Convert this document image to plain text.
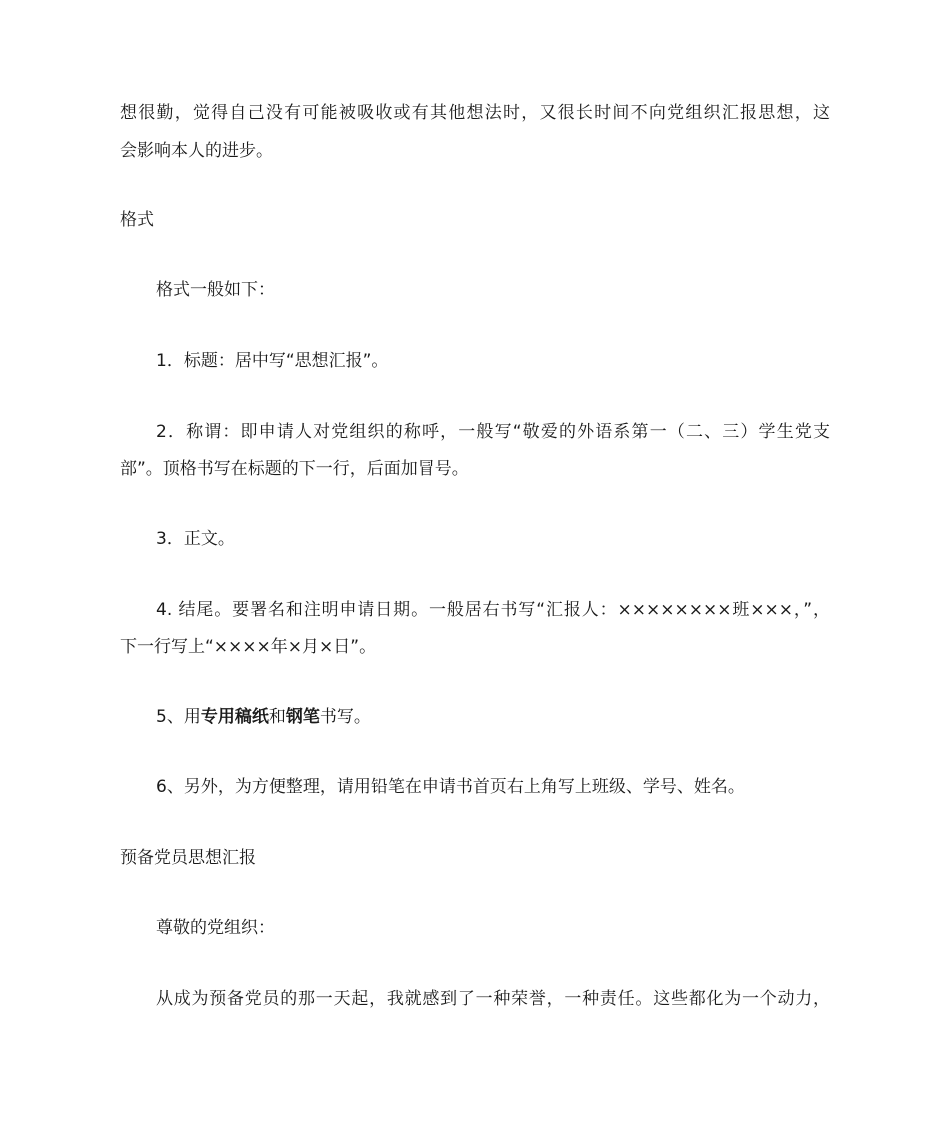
想很勤，觉得自己没有可能被吸收或有其他想法时，又很长时间不向党组织汇报思想，这
会影响本人的进步。
格式
格式一般如下：
1．标题：居中写“思想汇报”。
2．称谓：即申请人对党组织的称呼，一般写“敬爱的外语系第一（二、三）学生党支
部”。顶格书写在标题的下一行，后面加冒号。
3．正文。
4. 结尾。要署名和注明申请日期。一般居右书写“汇报人：××××××××班×××，”，
下一行写上“××××年×月×日”。
5、用专用稿纸和钢笔书写。
6、另外，为方便整理，请用铅笔在申请书首页右上角写上班级、学号、姓名。
预备党员思想汇报
尊敬的党组织：
从成为预备党员的那一天起，我就感到了一种荣誉，一种责任。这些都化为一个动力，
